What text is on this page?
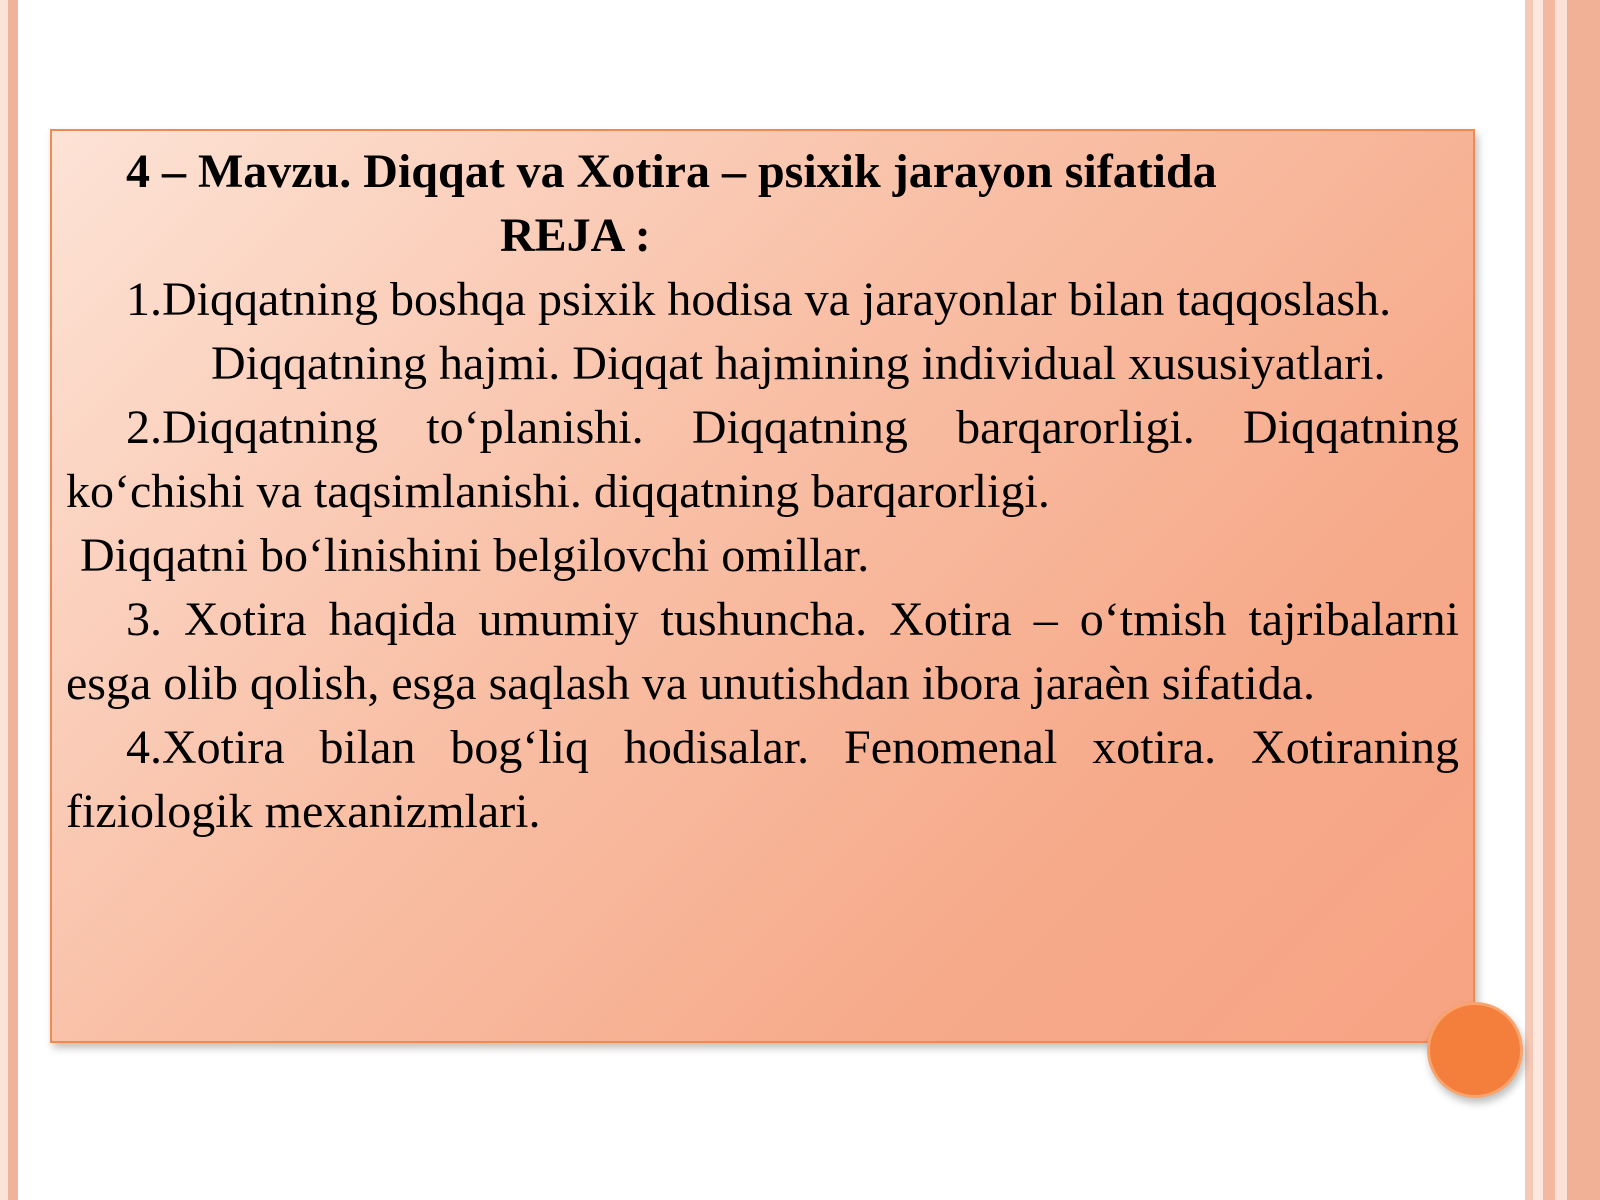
4 – Mavzu. Diqqat va Xotira – psixik jarayon sifatida
REJA :
1.Diqqatning boshqa psixik hodisa va jarayonlar bilan taqqoslash.
Diqqatning hajmi. Diqqat hajmining individual xususiyatlari.
2.Diqqatning to‘planishi. Diqqatning barqarorligi. Diqqatning ko‘chishi va taqsimlanishi. diqqatning barqarorligi.
Diqqatni bo‘linishini belgilovchi omillar.
3. Xotira haqida umumiy tushuncha. Xotira – o‘tmish tajribalarni esga olib qolish, esga saqlash va unutishdan ibora jaraèn sifatida.
4.Xotira bilan bog‘liq hodisalar. Fenomenal xotira. Xotiraning fiziologik mexanizmlari.
